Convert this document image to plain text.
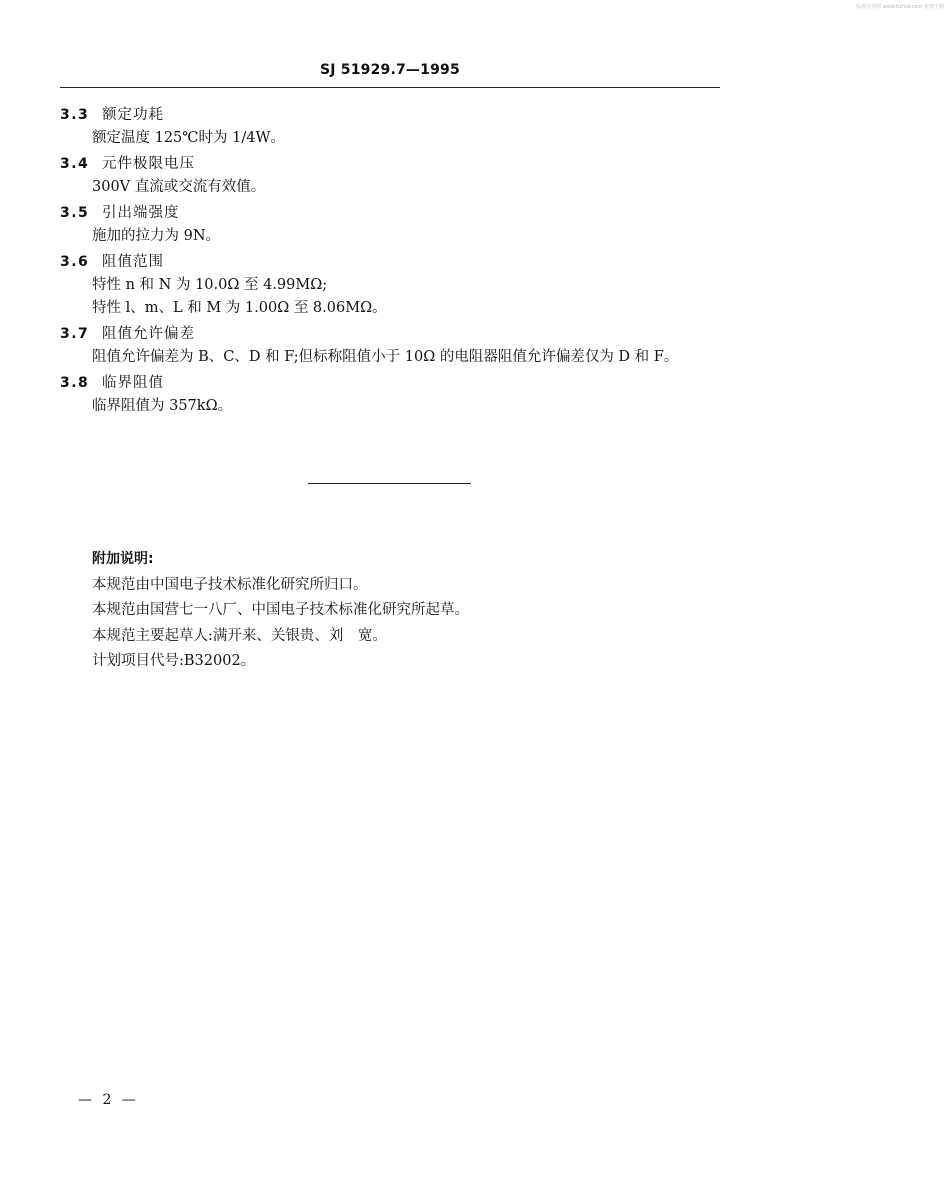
标准分享网 www.bzfxw.com 免费下载
SJ 51929.7—1995
3.3 额定功耗
额定温度 125℃时为 1/4W。
3.4 元件极限电压
300V 直流或交流有效值。
3.5 引出端强度
施加的拉力为 9N。
3.6 阻值范围
特性 n 和 N 为 10.0Ω 至 4.99MΩ;
特性 l、m、L 和 M 为 1.00Ω 至 8.06MΩ。
3.7 阻值允许偏差
阻值允许偏差为 B、C、D 和 F;但标称阻值小于 10Ω 的电阻器阻值允许偏差仅为 D 和 F。
3.8 临界阻值
临界阻值为 357kΩ。
附加说明:
本规范由中国电子技术标准化研究所归口。
本规范由国营七一八厂、中国电子技术标准化研究所起草。
本规范主要起草人:满开来、关银贵、刘　宽。
计划项目代号:B32002。
— 2 —
